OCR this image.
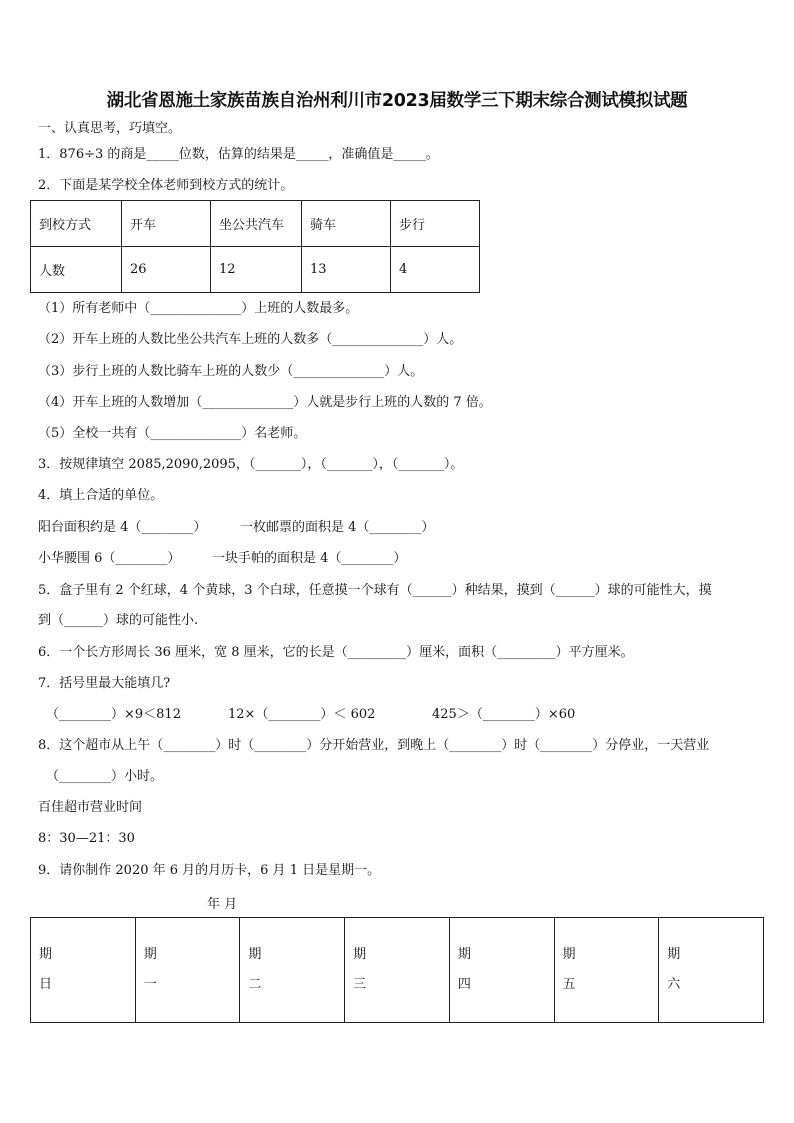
湖北省恩施土家族苗族自治州利川市2023届数学三下期末综合测试模拟试题
一、认真思考，巧填空。
1．876÷3 的商是_____位数，估算的结果是_____，准确值是_____。
2．下面是某学校全体老师到校方式的统计。
到校方式	开车	坐公共汽车	骑车	步行
人数	26	12	13	4
（1）所有老师中（______________）上班的人数最多。
（2）开车上班的人数比坐公共汽车上班的人数多（______________）人。
（3）步行上班的人数比骑车上班的人数少（______________）人。
（4）开车上班的人数增加（______________）人就是步行上班的人数的 7 倍。
（5）全校一共有（______________）名老师。
3．按规律填空 2085,2090,2095，（_______），（_______），（_______）。
4．填上合适的单位。
阳台面积约是 4（________）	一枚邮票的面积是 4（________）
小华腰围 6（________） 一块手帕的面积是 4（________）
5．盒子里有 2 个红球，4 个黄球，3 个白球，任意摸一个球有（______）种结果，摸到（______）球的可能性大，摸
到（______）球的可能性小.
6．一个长方形周长 36 厘米，宽 8 厘米，它的长是（_________）厘米，面积（_________）平方厘米。
7．括号里最大能填几?
（________）×9＜812	12×（________）＜ 602	425＞（________）×60
8．这个超市从上午（________）时（________）分开始营业，到晚上（________）时（________）分停业，一天营业
（________）小时。
百佳超市营业时间
8：30—21：30
9．请你制作 2020 年 6 月的月历卡，6 月 1 日是星期一。
年 月
期
日

期
一

期
二

期
三

期
四

期
五

期
六
